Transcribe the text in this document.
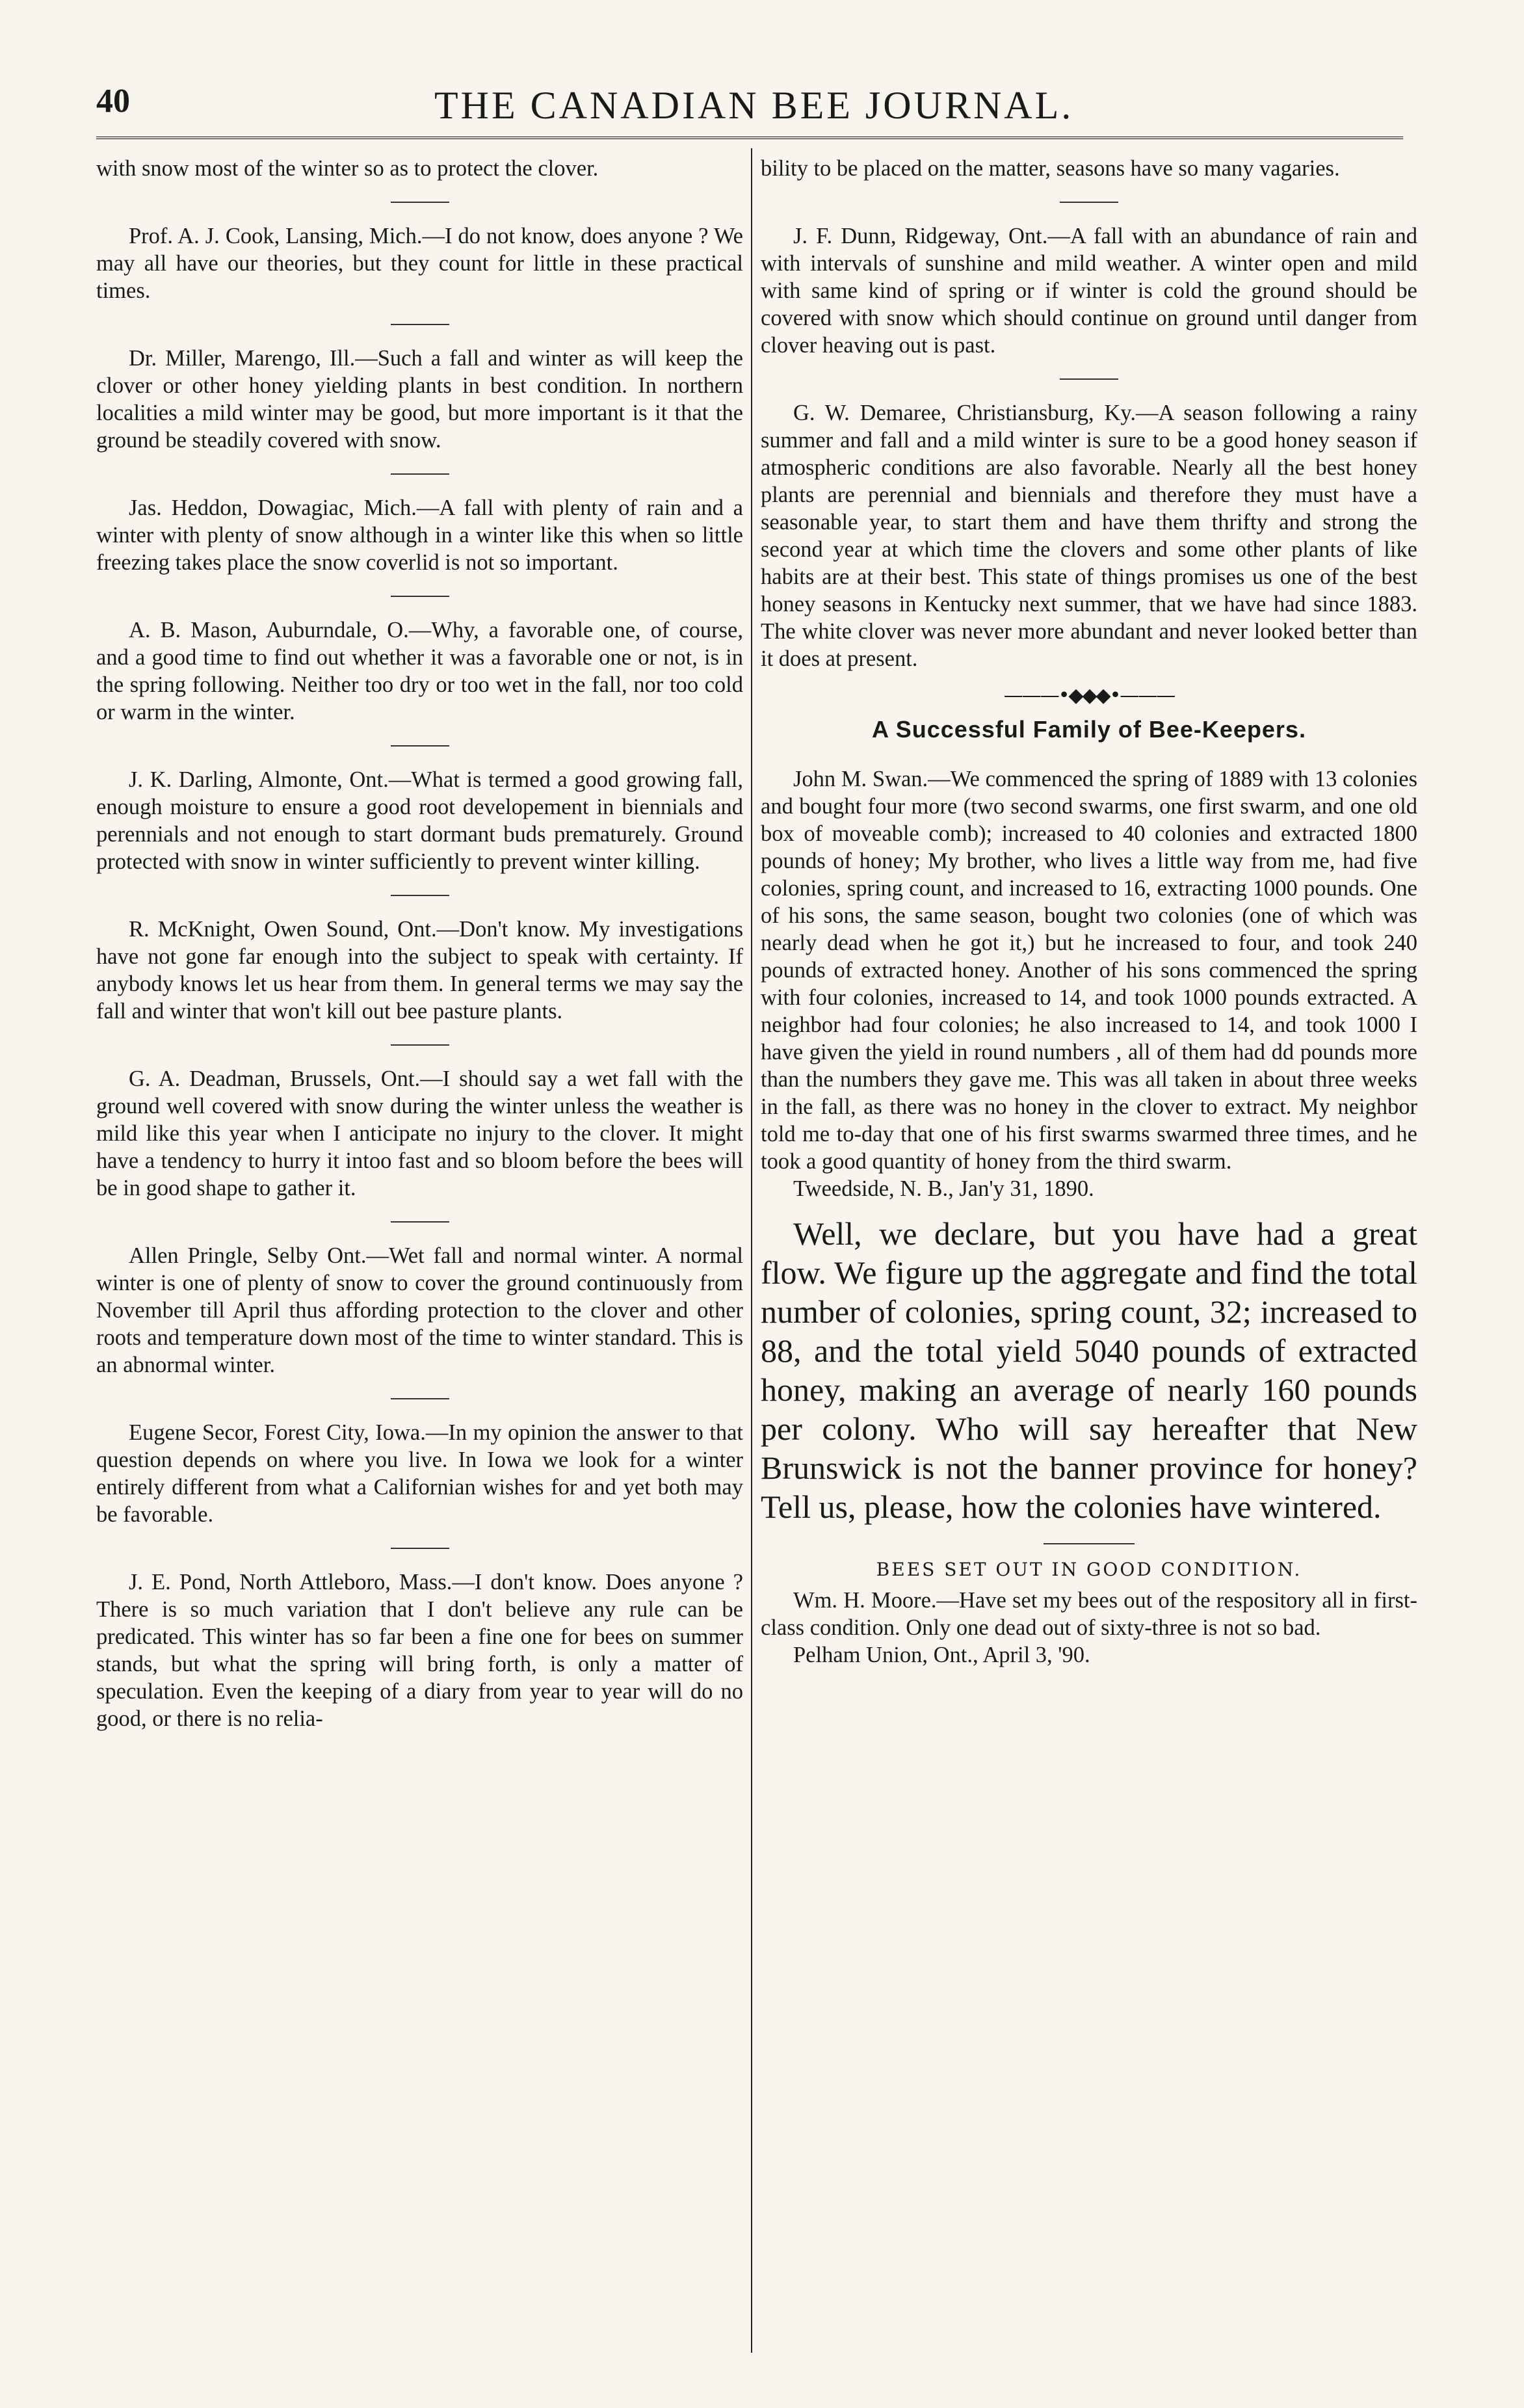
40	THE CANADIAN BEE JOURNAL.

with snow most of the winter so as to protect the clover.

Prof. A. J. Cook, Lansing, Mich.—I do not know, does anyone ? We may all have our theories, but they count for little in these practical times.

Dr. Miller, Marengo, Ill.—Such a fall and winter as will keep the clover or other honey yielding plants in best condition. In northern localities a mild winter may be good, but more important is it that the ground be steadily covered with snow.

Jas. Heddon, Dowagiac, Mich.—A fall with plenty of rain and a winter with plenty of snow although in a winter like this when so little freezing takes place the snow coverlid is not so important.

A. B. Mason, Auburndale, O.—Why, a favorable one, of course, and a good time to find out whether it was a favorable one or not, is in the spring following. Neither too dry or too wet in the fall, nor too cold or warm in the winter.

J. K. Darling, Almonte, Ont.—What is termed a good growing fall, enough moisture to ensure a good root developement in biennials and perennials and not enough to start dormant buds prematurely. Ground protected with snow in winter sufficiently to prevent winter killing.

R. McKnight, Owen Sound, Ont.—Don't know. My investigations have not gone far enough into the subject to speak with certainty. If anybody knows let us hear from them. In general terms we may say the fall and winter that won't kill out bee pasture plants.

G. A. Deadman, Brussels, Ont.—I should say a wet fall with the ground well covered with snow during the winter unless the weather is mild like this year when I anticipate no injury to the clover. It might have a tendency to hurry it intoo fast and so bloom before the bees will be in good shape to gather it.

Allen Pringle, Selby Ont.—Wet fall and normal winter. A normal winter is one of plenty of snow to cover the ground continuously from November till April thus affording protection to the clover and other roots and temperature down most of the time to winter standard. This is an abnormal winter.

Eugene Secor, Forest City, Iowa.—In my opinion the answer to that question depends on where you live. In Iowa we look for a winter entirely different from what a Californian wishes for and yet both may be favorable.

J. E. Pond, North Attleboro, Mass.—I don't know. Does anyone ? There is so much variation that I don't believe any rule can be predicated. This winter has so far been a fine one for bees on summer stands, but what the spring will bring forth, is only a matter of speculation. Even the keeping of a diary from year to year will do no good, or there is no relia-

bility to be placed on the matter, seasons have so many vagaries.

J. F. Dunn, Ridgeway, Ont.—A fall with an abundance of rain and with intervals of sunshine and mild weather. A winter open and mild with same kind of spring or if winter is cold the ground should be covered with snow which should continue on ground until danger from clover heaving out is past.

G. W. Demaree, Christiansburg, Ky.—A season following a rainy summer and fall and a mild winter is sure to be a good honey season if atmospheric conditions are also favorable. Nearly all the best honey plants are perennial and biennials and therefore they must have a seasonable year, to start them and have them thrifty and strong the second year at which time the clovers and some other plants of like habits are at their best. This state of things promises us one of the best honey seasons in Kentucky next summer, that we have had since 1883. The white clover was never more abundant and never looked better than it does at present.

———•◆◆◆•———
A Successful Family of Bee-Keepers.

John M. Swan.—We commenced the spring of 1889 with 13 colonies and bought four more (two second swarms, one first swarm, and one old box of moveable comb); increased to 40 colonies and extracted 1800 pounds of honey; My brother, who lives a little way from me, had five colonies, spring count, and increased to 16, extracting 1000 pounds. One of his sons, the same season, bought two colonies (one of which was nearly dead when he got it,) but he increased to four, and took 240 pounds of extracted honey. Another of his sons commenced the spring with four colonies, increased to 14, and took 1000 pounds extracted. A neighbor had four colonies; he also increased to 14, and took 1000 I have given the yield in round numbers , all of them had dd pounds more than the numbers they gave me. This was all taken in about three weeks in the fall, as there was no honey in the clover to extract. My neighbor told me to-day that one of his first swarms swarmed three times, and he took a good quantity of honey from the third swarm.

Tweedside, N. B., Jan'y 31, 1890.

Well, we declare, but you have had a great flow. We figure up the aggregate and find the total number of colonies, spring count, 32; increased to 88, and the total yield 5040 pounds of extracted honey, making an average of nearly 160 pounds per colony. Who will say hereafter that New Brunswick is not the banner province for honey? Tell us, please, how the colonies have wintered.

BEES SET OUT IN GOOD CONDITION.

Wm. H. Moore.—Have set my bees out of the respository all in first-class condition. Only one dead out of sixty-three is not so bad.

Pelham Union, Ont., April 3, '90.
